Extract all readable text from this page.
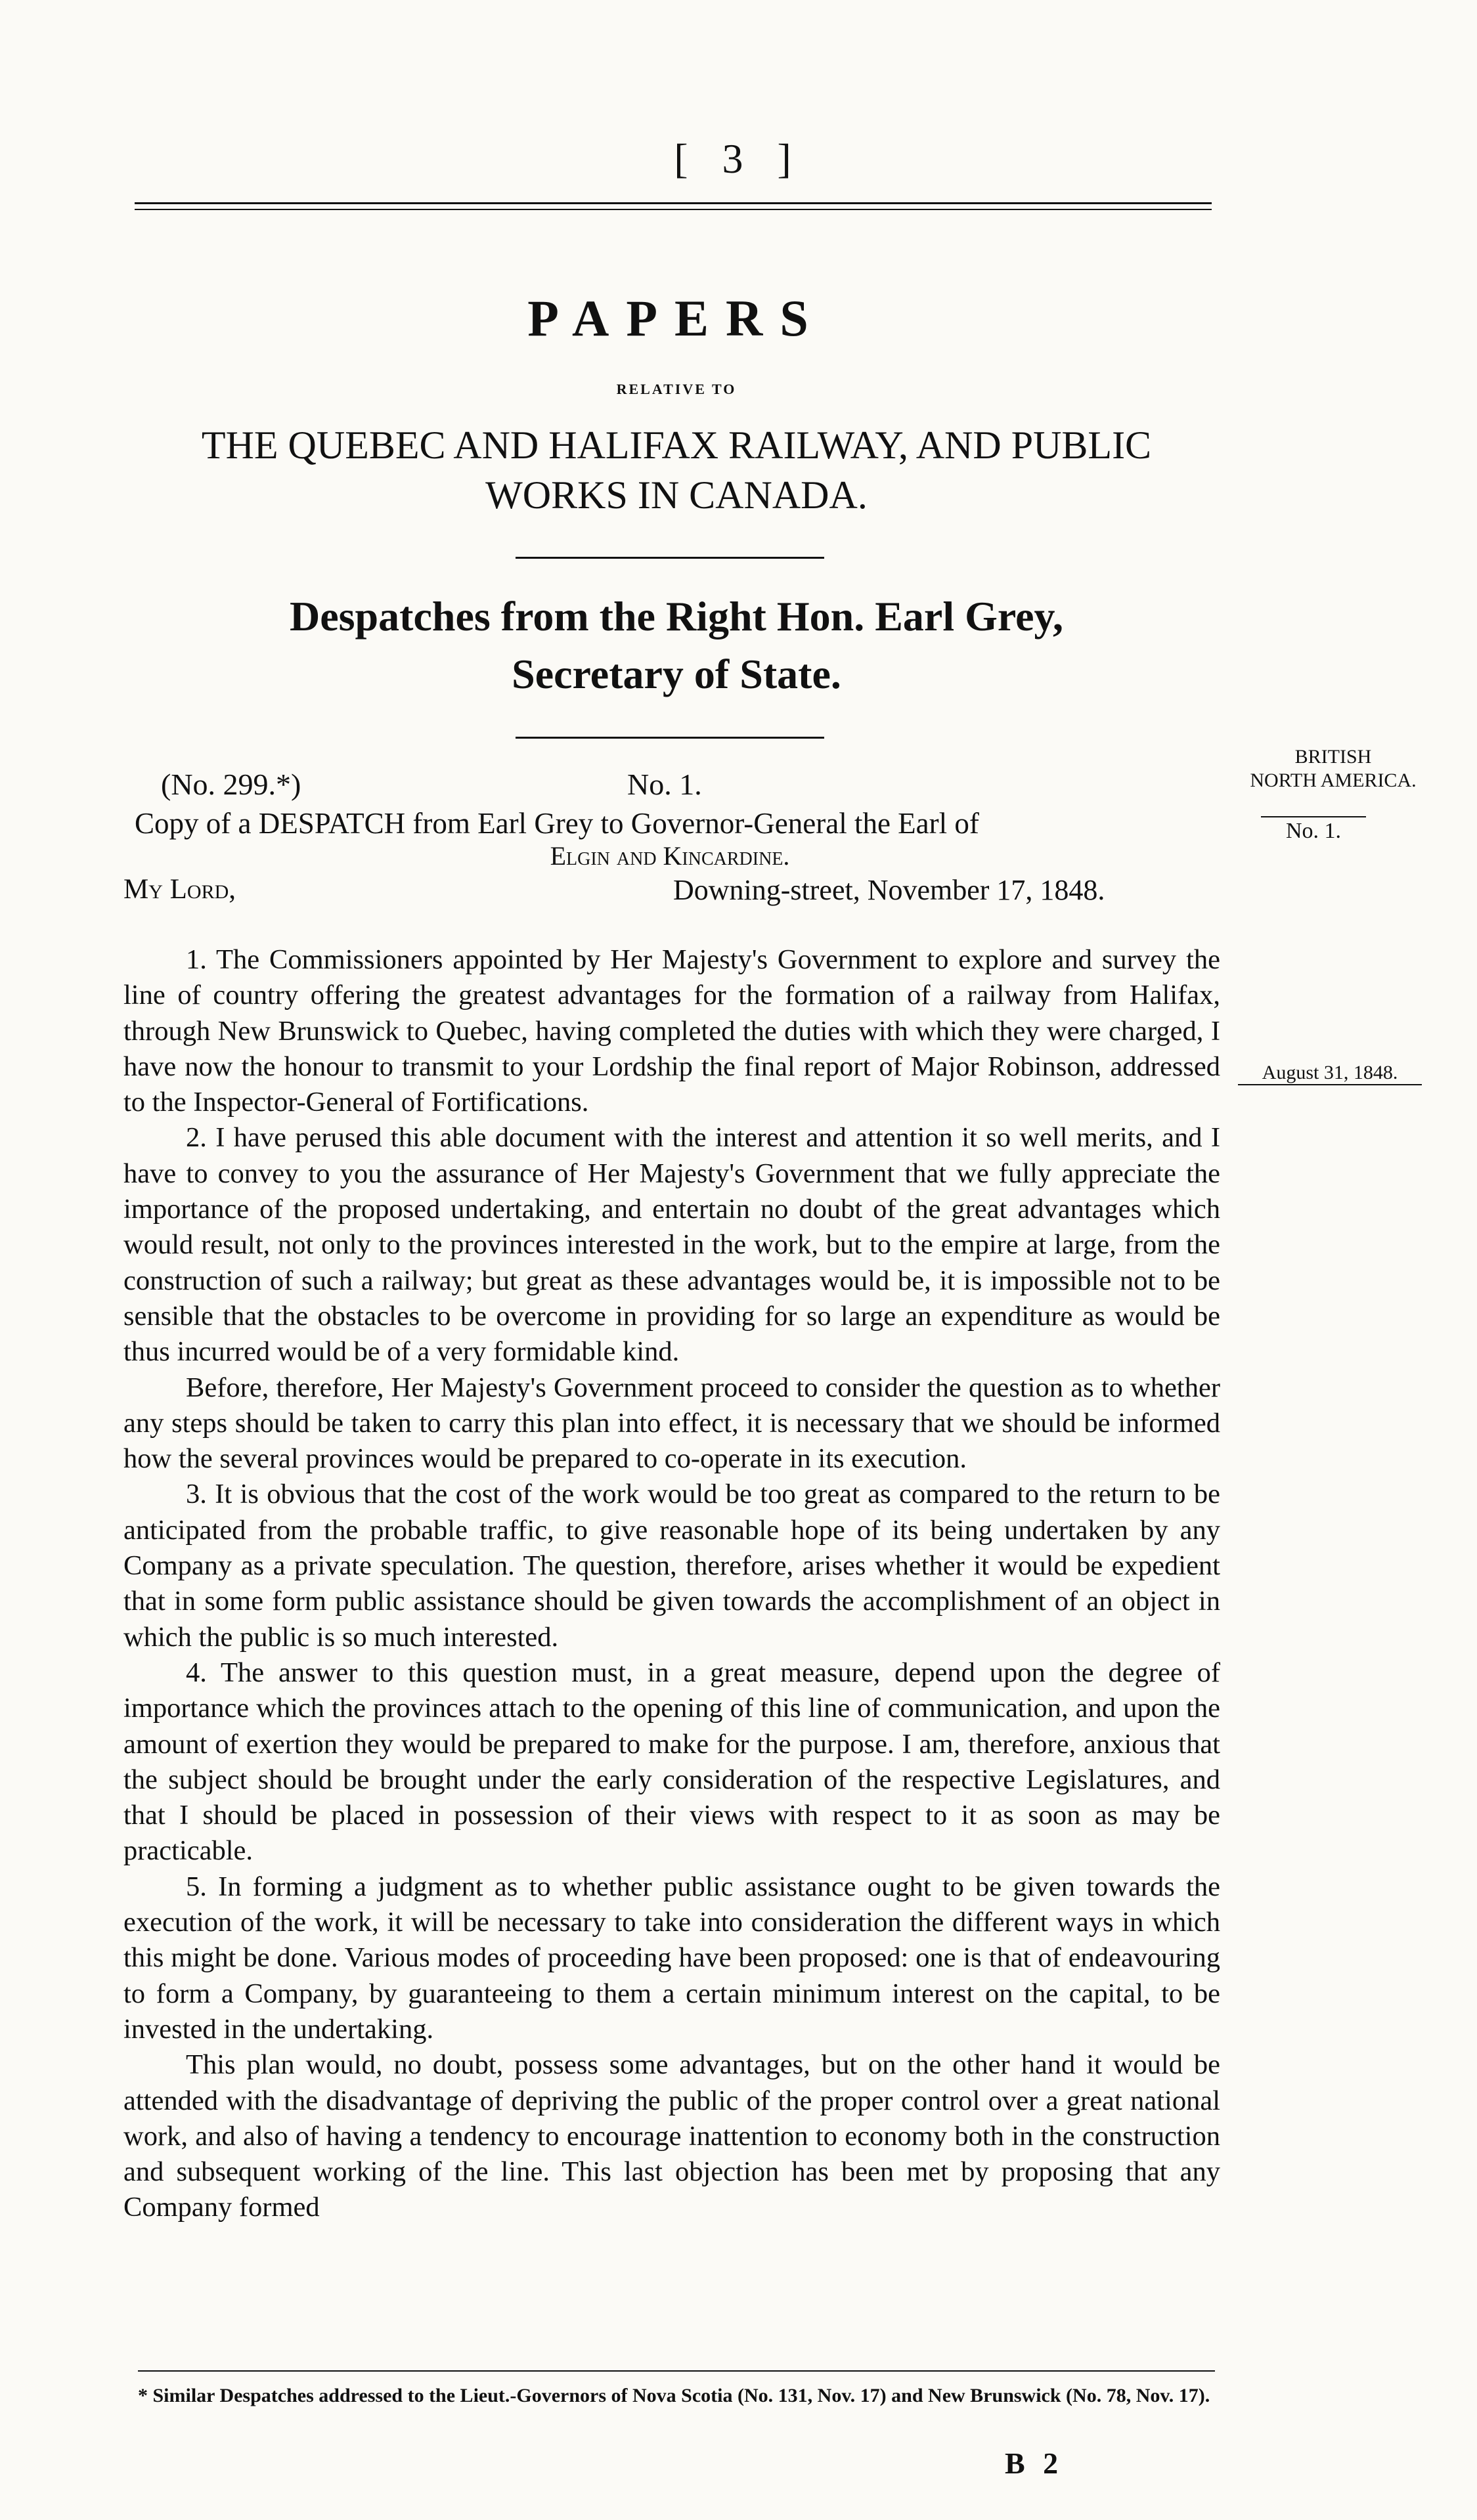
[ 3 ]
PAPERS
RELATIVE TO
THE QUEBEC AND HALIFAX RAILWAY, AND PUBLIC
WORKS IN CANADA.
Despatches from the Right Hon. Earl Grey,
Secretary of State.
BRITISH
NORTH AMERICA.
No. 1.
August 31, 1848.
(No. 299.*)	No. 1.
Copy of a DESPATCH from Earl Grey to Governor-General the Earl of
Elgin and Kincardine.
My Lord,	Downing-street, November 17, 1848.

1. The Commissioners appointed by Her Majesty's Government to explore and survey the line of country offering the greatest advantages for the formation of a railway from Halifax, through New Brunswick to Quebec, having completed the duties with which they were charged, I have now the honour to transmit to your Lordship the final report of Major Robinson, addressed to the Inspector-General of Fortifications.

2. I have perused this able document with the interest and attention it so well merits, and I have to convey to you the assurance of Her Majesty's Government that we fully appreciate the importance of the proposed undertaking, and entertain no doubt of the great advantages which would result, not only to the provinces interested in the work, but to the empire at large, from the construction of such a railway; but great as these advantages would be, it is impossible not to be sensible that the obstacles to be overcome in providing for so large an expenditure as would be thus incurred would be of a very formidable kind.

Before, therefore, Her Majesty's Government proceed to consider the question as to whether any steps should be taken to carry this plan into effect, it is necessary that we should be informed how the several provinces would be prepared to co-operate in its execution.

3. It is obvious that the cost of the work would be too great as compared to the return to be anticipated from the probable traffic, to give reasonable hope of its being undertaken by any Company as a private speculation. The question, therefore, arises whether it would be expedient that in some form public assistance should be given towards the accomplishment of an object in which the public is so much interested.

4. The answer to this question must, in a great measure, depend upon the degree of importance which the provinces attach to the opening of this line of communication, and upon the amount of exertion they would be prepared to make for the purpose. I am, therefore, anxious that the subject should be brought under the early consideration of the respective Legislatures, and that I should be placed in possession of their views with respect to it as soon as may be practicable.

5. In forming a judgment as to whether public assistance ought to be given towards the execution of the work, it will be necessary to take into consideration the different ways in which this might be done. Various modes of proceeding have been proposed: one is that of endeavouring to form a Company, by guaranteeing to them a certain minimum interest on the capital, to be invested in the undertaking.

This plan would, no doubt, possess some advantages, but on the other hand it would be attended with the disadvantage of depriving the public of the proper control over a great national work, and also of having a tendency to encourage inattention to economy both in the construction and subsequent working of the line. This last objection has been met by proposing that any Company formed

* Similar Despatches addressed to the Lieut.-Governors of Nova Scotia (No. 131, Nov. 17) and New Brunswick (No. 78, Nov. 17).
B 2
